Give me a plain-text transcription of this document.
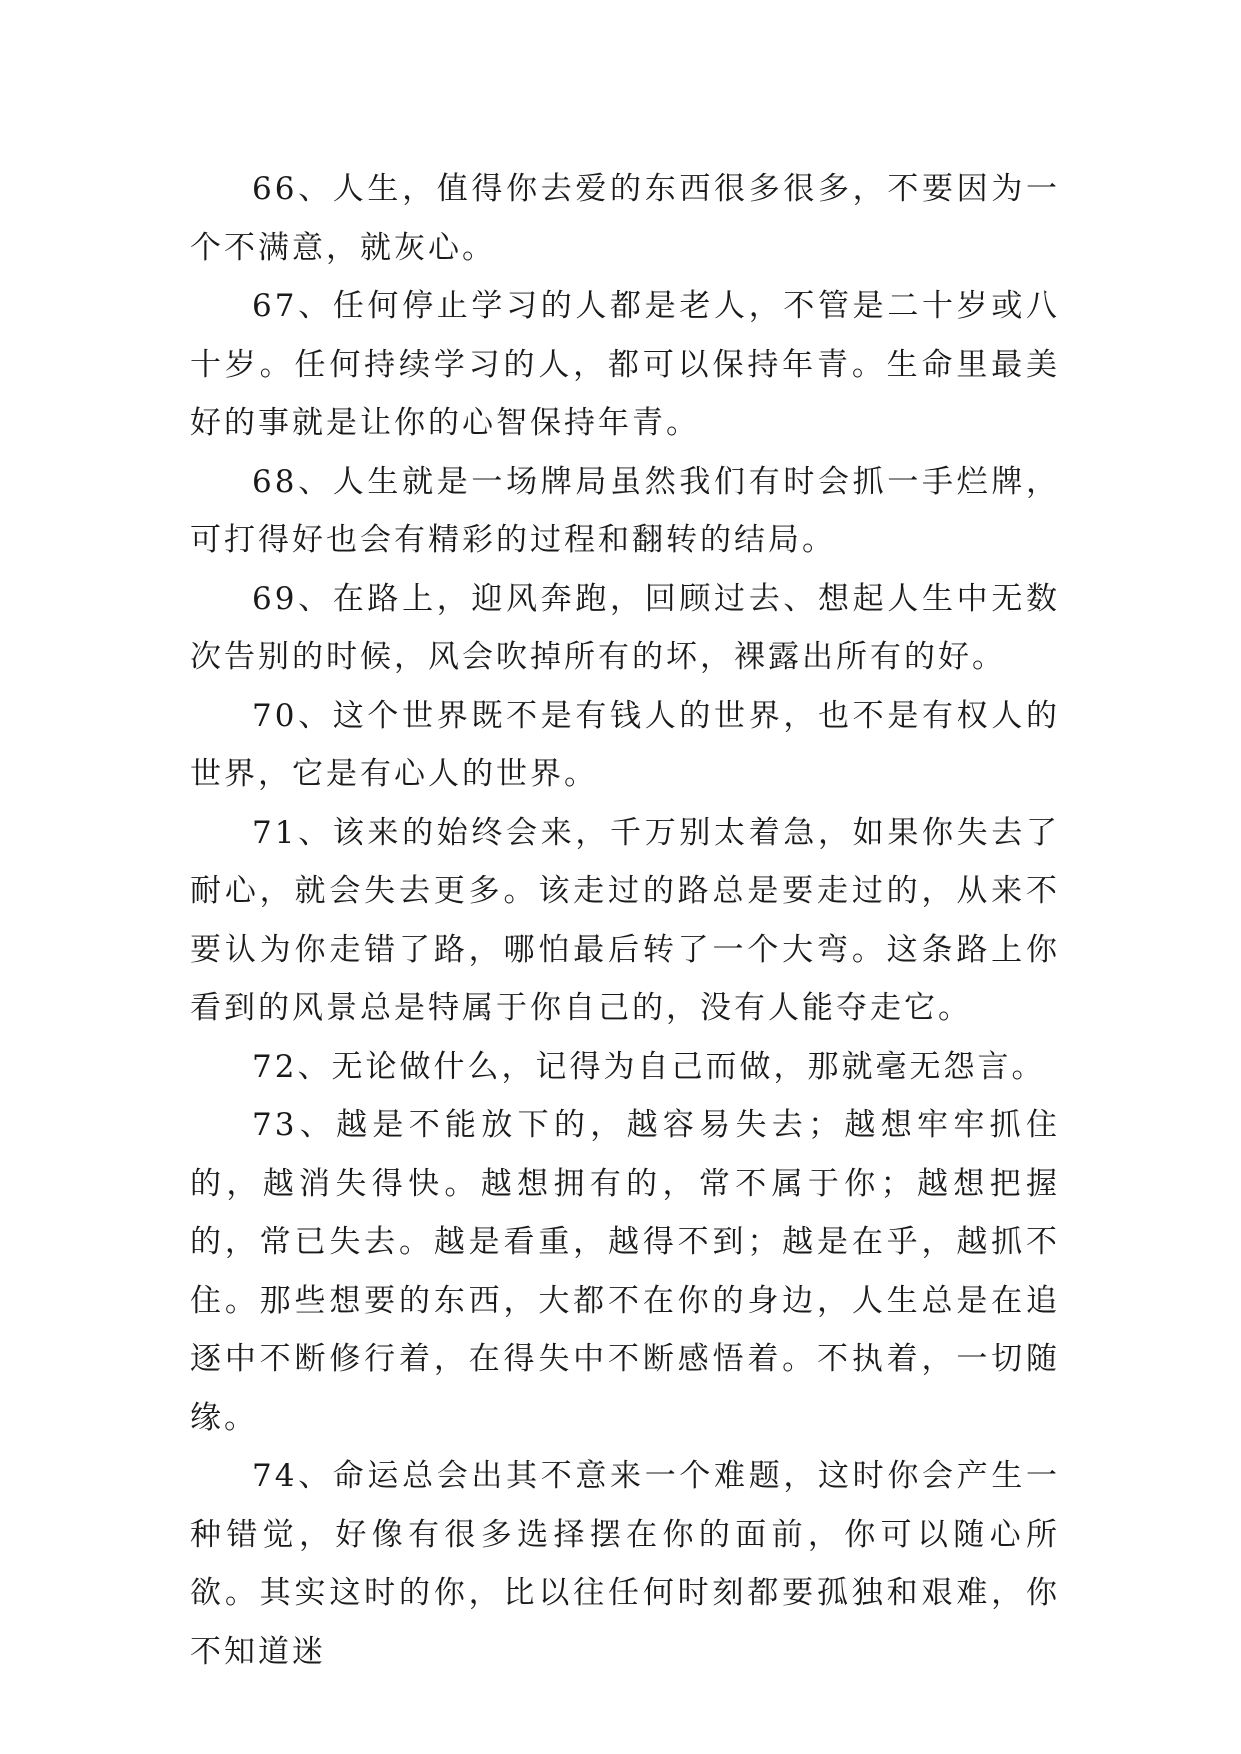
66、人生，值得你去爱的东西很多很多，不要因为一个不满意，就灰心。

67、任何停止学习的人都是老人，不管是二十岁或八十岁。任何持续学习的人，都可以保持年青。生命里最美好的事就是让你的心智保持年青。

68、人生就是一场牌局虽然我们有时会抓一手烂牌，可打得好也会有精彩的过程和翻转的结局。

69、在路上，迎风奔跑，回顾过去、想起人生中无数次告别的时候，风会吹掉所有的坏，裸露出所有的好。

70、这个世界既不是有钱人的世界，也不是有权人的世界，它是有心人的世界。

71、该来的始终会来，千万别太着急，如果你失去了耐心，就会失去更多。该走过的路总是要走过的，从来不要认为你走错了路，哪怕最后转了一个大弯。这条路上你看到的风景总是特属于你自己的，没有人能夺走它。

72、无论做什么，记得为自己而做，那就毫无怨言。

73、越是不能放下的，越容易失去；越想牢牢抓住的，越消失得快。越想拥有的，常不属于你；越想把握的，常已失去。越是看重，越得不到；越是在乎，越抓不住。那些想要的东西，大都不在你的身边，人生总是在追逐中不断修行着，在得失中不断感悟着。不执着，一切随缘。

74、命运总会出其不意来一个难题，这时你会产生一种错觉，好像有很多选择摆在你的面前，你可以随心所欲。其实这时的你，比以往任何时刻都要孤独和艰难，你不知道迷
